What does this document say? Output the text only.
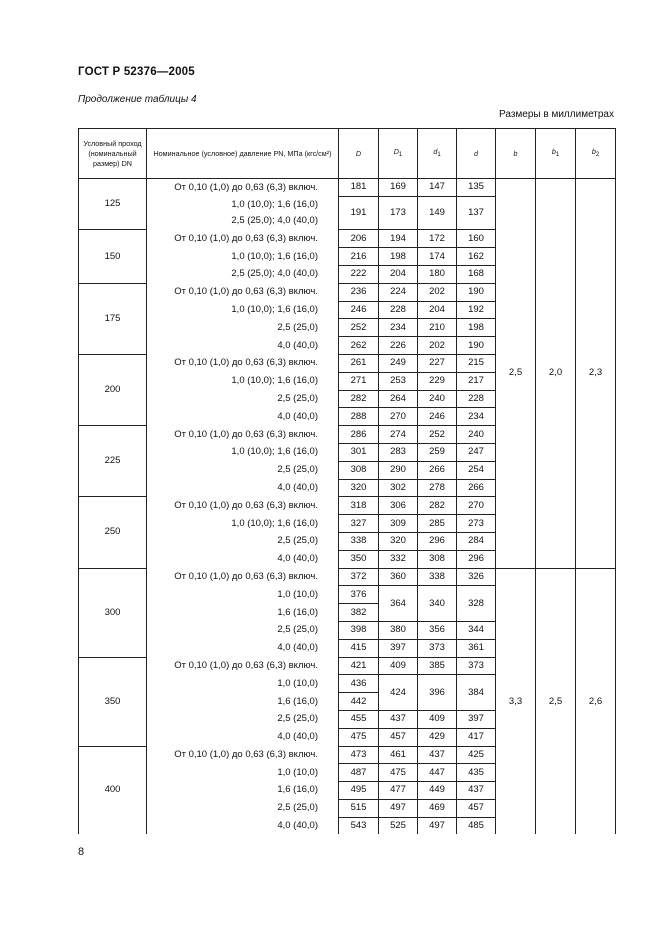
ГОСТ Р 52376—2005
Продолжение таблицы 4
Размеры в миллиметрах
Условный проход (номинальный размер) DN	Номинальное (условное) давление PN, МПа (кгс/см²)	D	$D_1$	$d_1$	d	b	$b_1$	$b_2$
125	От 0,10 (1,0) до 0,63 (6,3) включ.	181	169	147	135	2,5	2,0	2,3
	1,0 (10,0); 1,6 (16,0)	191	173	149	137			
	2,5 (25,0); 4,0 (40,0)							
150	От 0,10 (1,0) до 0,63 (6,3) включ.	206	194	172	160			
	1,0 (10,0); 1,6 (16,0)	216	198	174	162			
	2,5 (25,0); 4,0 (40,0)	222	204	180	168			
175	От 0,10 (1,0) до 0,63 (6,3) включ.	236	224	202	190			
	1,0 (10,0); 1,6 (16,0)	246	228	204	192			
	2,5 (25,0)	252	234	210	198			
	4,0 (40,0)	262	226	202	190			
200	От 0,10 (1,0) до 0,63 (6,3) включ.	261	249	227	215			
	1,0 (10,0); 1,6 (16,0)	271	253	229	217			
	2,5 (25,0)	282	264	240	228			
	4,0 (40,0)	288	270	246	234			
225	От 0,10 (1,0) до 0,63 (6,3) включ.	286	274	252	240			
	1,0 (10,0); 1,6 (16,0)	301	283	259	247			
	2,5 (25,0)	308	290	266	254			
	4,0 (40,0)	320	302	278	266			
250	От 0,10 (1,0) до 0,63 (6,3) включ.	318	306	282	270			
	1,0 (10,0); 1,6 (16,0)	327	309	285	273			
	2,5 (25,0)	338	320	296	284			
	4,0 (40,0)	350	332	308	296			
300	От 0,10 (1,0) до 0,63 (6,3) включ.	372	360	338	326	3,3	2,5	2,6
	1,0 (10,0)	376	364	340	328			
	1,6 (16,0)	382						
	2,5 (25,0)	398	380	356	344			
	4,0 (40,0)	415	397	373	361			
350	От 0,10 (1,0) до 0,63 (6,3) включ.	421	409	385	373			
	1,0 (10,0)	436	424	396	384			
	1,6 (16,0)	442						
	2,5 (25,0)	455	437	409	397			
	4,0 (40,0)	475	457	429	417			
400	От 0,10 (1,0) до 0,63 (6,3) включ.	473	461	437	425			
	1,0 (10,0)	487	475	447	435			
	1,6 (16,0)	495	477	449	437			
	2,5 (25,0)	515	497	469	457			
	4,0 (40,0)	543	525	497	485			
8
